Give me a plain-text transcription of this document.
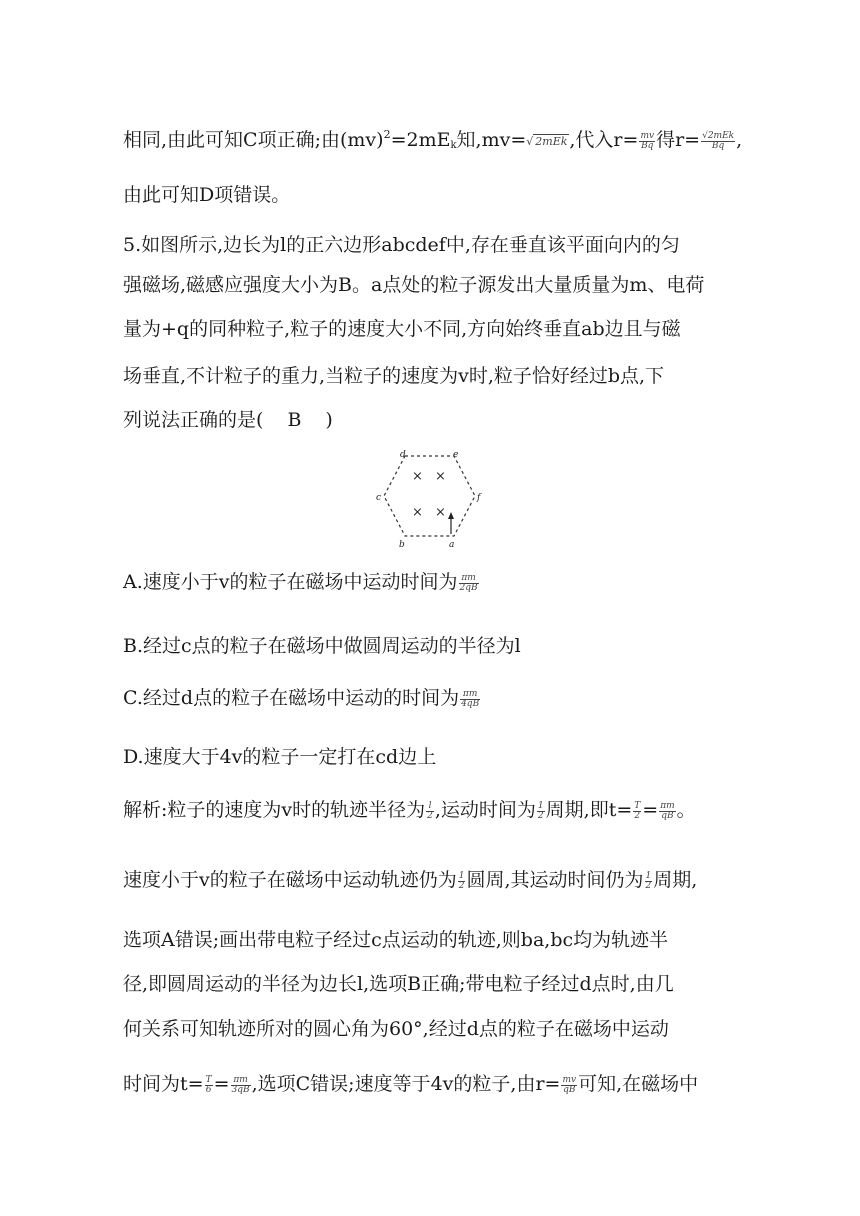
相同,由此可知C项正确;由$(mv)^2=2mE_k$知,mv=√ 2mEk ,代入$r= \frac{mv}{Bq}$ 得$r= \frac{\text{√2mEk}}{Bq}$ ,
由此可知D项错误。
5.如图所示,边长为l的正六边形abcdef中,存在垂直该平面向内的匀
强磁场,磁感应强度大小为B。a点处的粒子源发出大量质量为m、电荷
量为+q的同种粒子,粒子的速度大小不同,方向始终垂直ab边且与磁
场垂直,不计粒子的重力,当粒子的速度为v时,粒子恰好经过b点,下
列说法正确的是( B )
d	e
c	f
b	a
× ×
× ×
A.速度小于v的粒子在磁场中运动时间为 $\frac{\pi m}{2qB}$
B.经过c点的粒子在磁场中做圆周运动的半径为l
C.经过d点的粒子在磁场中运动的时间为 $\frac{\pi m}{4qB}$
D.速度大于4v的粒子一定打在cd边上
解析:粒子的速度为v时的轨迹半径为 $\frac{l}{2}$ ,运动时间为 $\frac{1}{2}$ 周期,即$t= \frac{T}{2} = \frac{\pi m}{qB}$ 。
速度小于v的粒子在磁场中运动轨迹仍为 $\frac{1}{2}$ 圆周,其运动时间仍为 $\frac{1}{2}$ 周期,
选项A错误;画出带电粒子经过c点运动的轨迹,则ba,bc均为轨迹半
径,即圆周运动的半径为边长l,选项B正确;带电粒子经过d点时,由几
何关系可知轨迹所对的圆心角为60°,经过d点的粒子在磁场中运动
时间为$t= \frac{T}{6} = \frac{\pi m}{3qB}$ ,选项C错误;速度等于4v的粒子,由$r= \frac{mv}{qB}$ 可知,在磁场中
